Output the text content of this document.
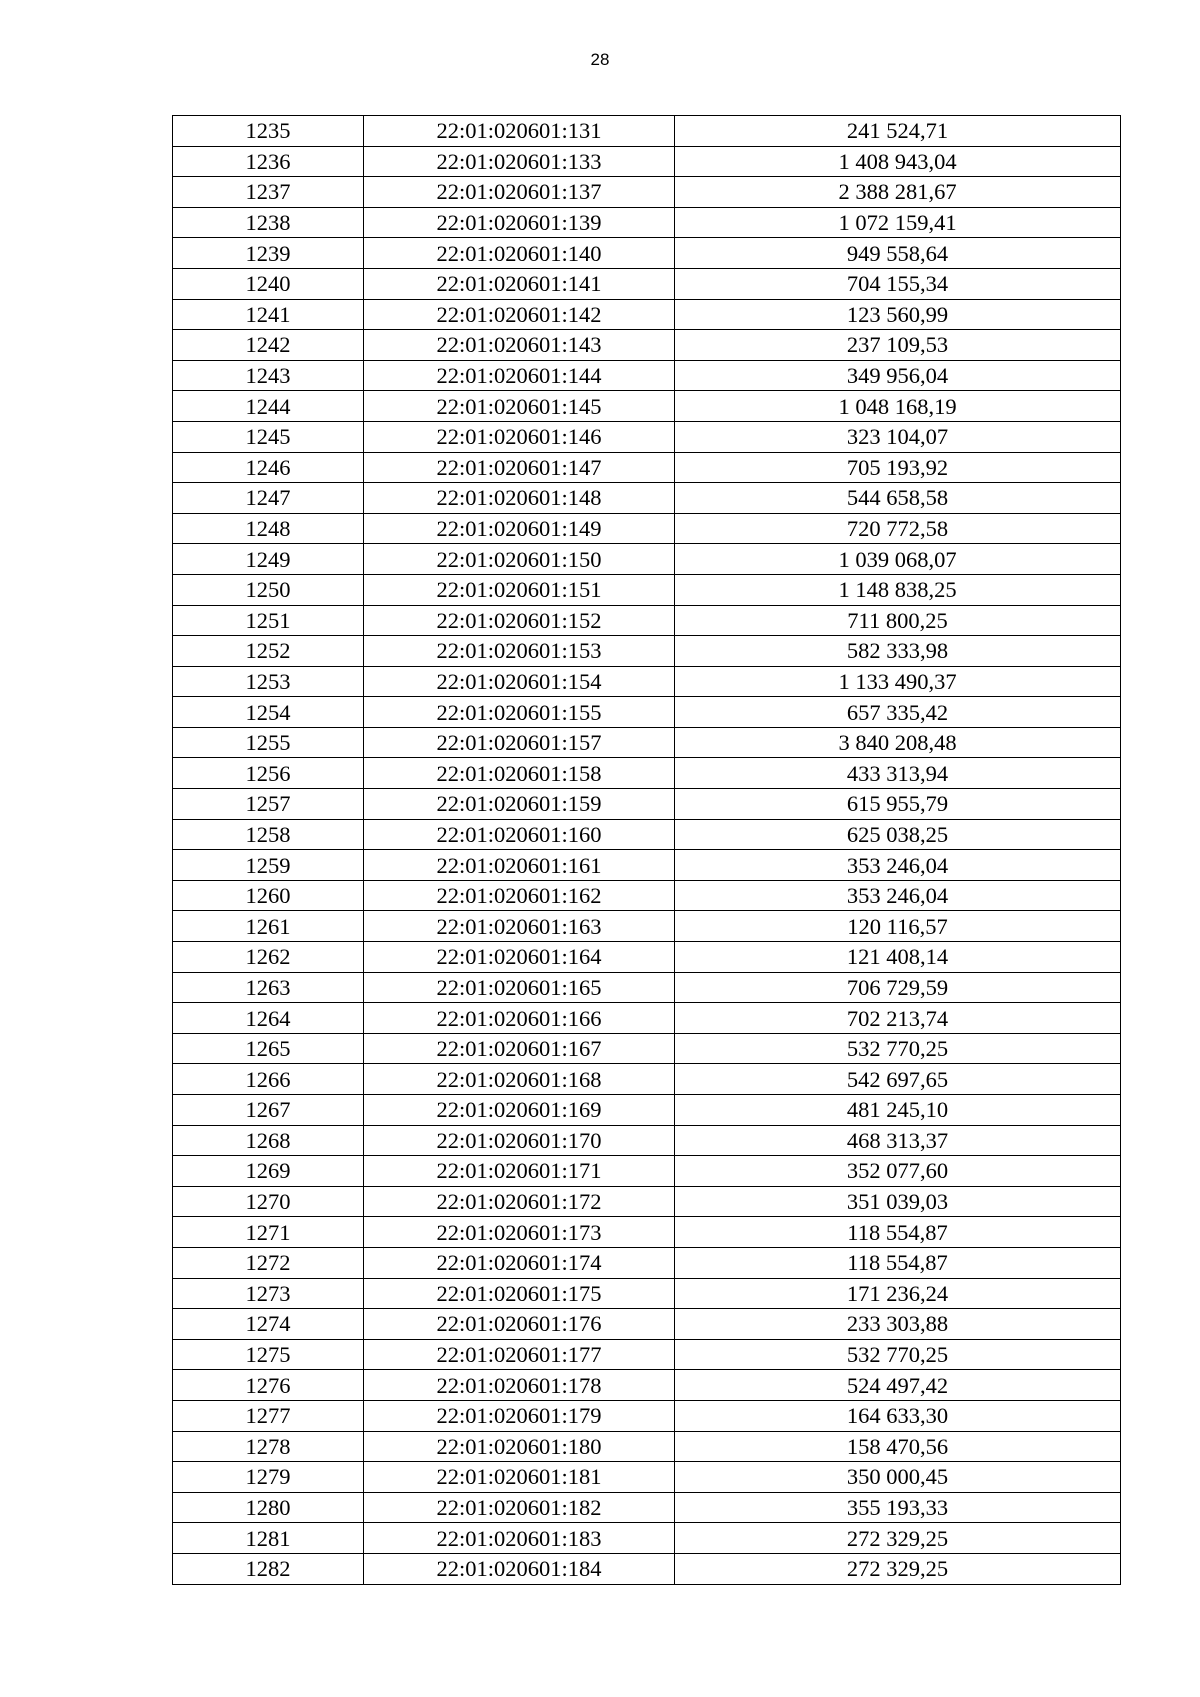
28
1235	22:01:020601:131	241 524,71
1236	22:01:020601:133	1 408 943,04
1237	22:01:020601:137	2 388 281,67
1238	22:01:020601:139	1 072 159,41
1239	22:01:020601:140	949 558,64
1240	22:01:020601:141	704 155,34
1241	22:01:020601:142	123 560,99
1242	22:01:020601:143	237 109,53
1243	22:01:020601:144	349 956,04
1244	22:01:020601:145	1 048 168,19
1245	22:01:020601:146	323 104,07
1246	22:01:020601:147	705 193,92
1247	22:01:020601:148	544 658,58
1248	22:01:020601:149	720 772,58
1249	22:01:020601:150	1 039 068,07
1250	22:01:020601:151	1 148 838,25
1251	22:01:020601:152	711 800,25
1252	22:01:020601:153	582 333,98
1253	22:01:020601:154	1 133 490,37
1254	22:01:020601:155	657 335,42
1255	22:01:020601:157	3 840 208,48
1256	22:01:020601:158	433 313,94
1257	22:01:020601:159	615 955,79
1258	22:01:020601:160	625 038,25
1259	22:01:020601:161	353 246,04
1260	22:01:020601:162	353 246,04
1261	22:01:020601:163	120 116,57
1262	22:01:020601:164	121 408,14
1263	22:01:020601:165	706 729,59
1264	22:01:020601:166	702 213,74
1265	22:01:020601:167	532 770,25
1266	22:01:020601:168	542 697,65
1267	22:01:020601:169	481 245,10
1268	22:01:020601:170	468 313,37
1269	22:01:020601:171	352 077,60
1270	22:01:020601:172	351 039,03
1271	22:01:020601:173	118 554,87
1272	22:01:020601:174	118 554,87
1273	22:01:020601:175	171 236,24
1274	22:01:020601:176	233 303,88
1275	22:01:020601:177	532 770,25
1276	22:01:020601:178	524 497,42
1277	22:01:020601:179	164 633,30
1278	22:01:020601:180	158 470,56
1279	22:01:020601:181	350 000,45
1280	22:01:020601:182	355 193,33
1281	22:01:020601:183	272 329,25
1282	22:01:020601:184	272 329,25
